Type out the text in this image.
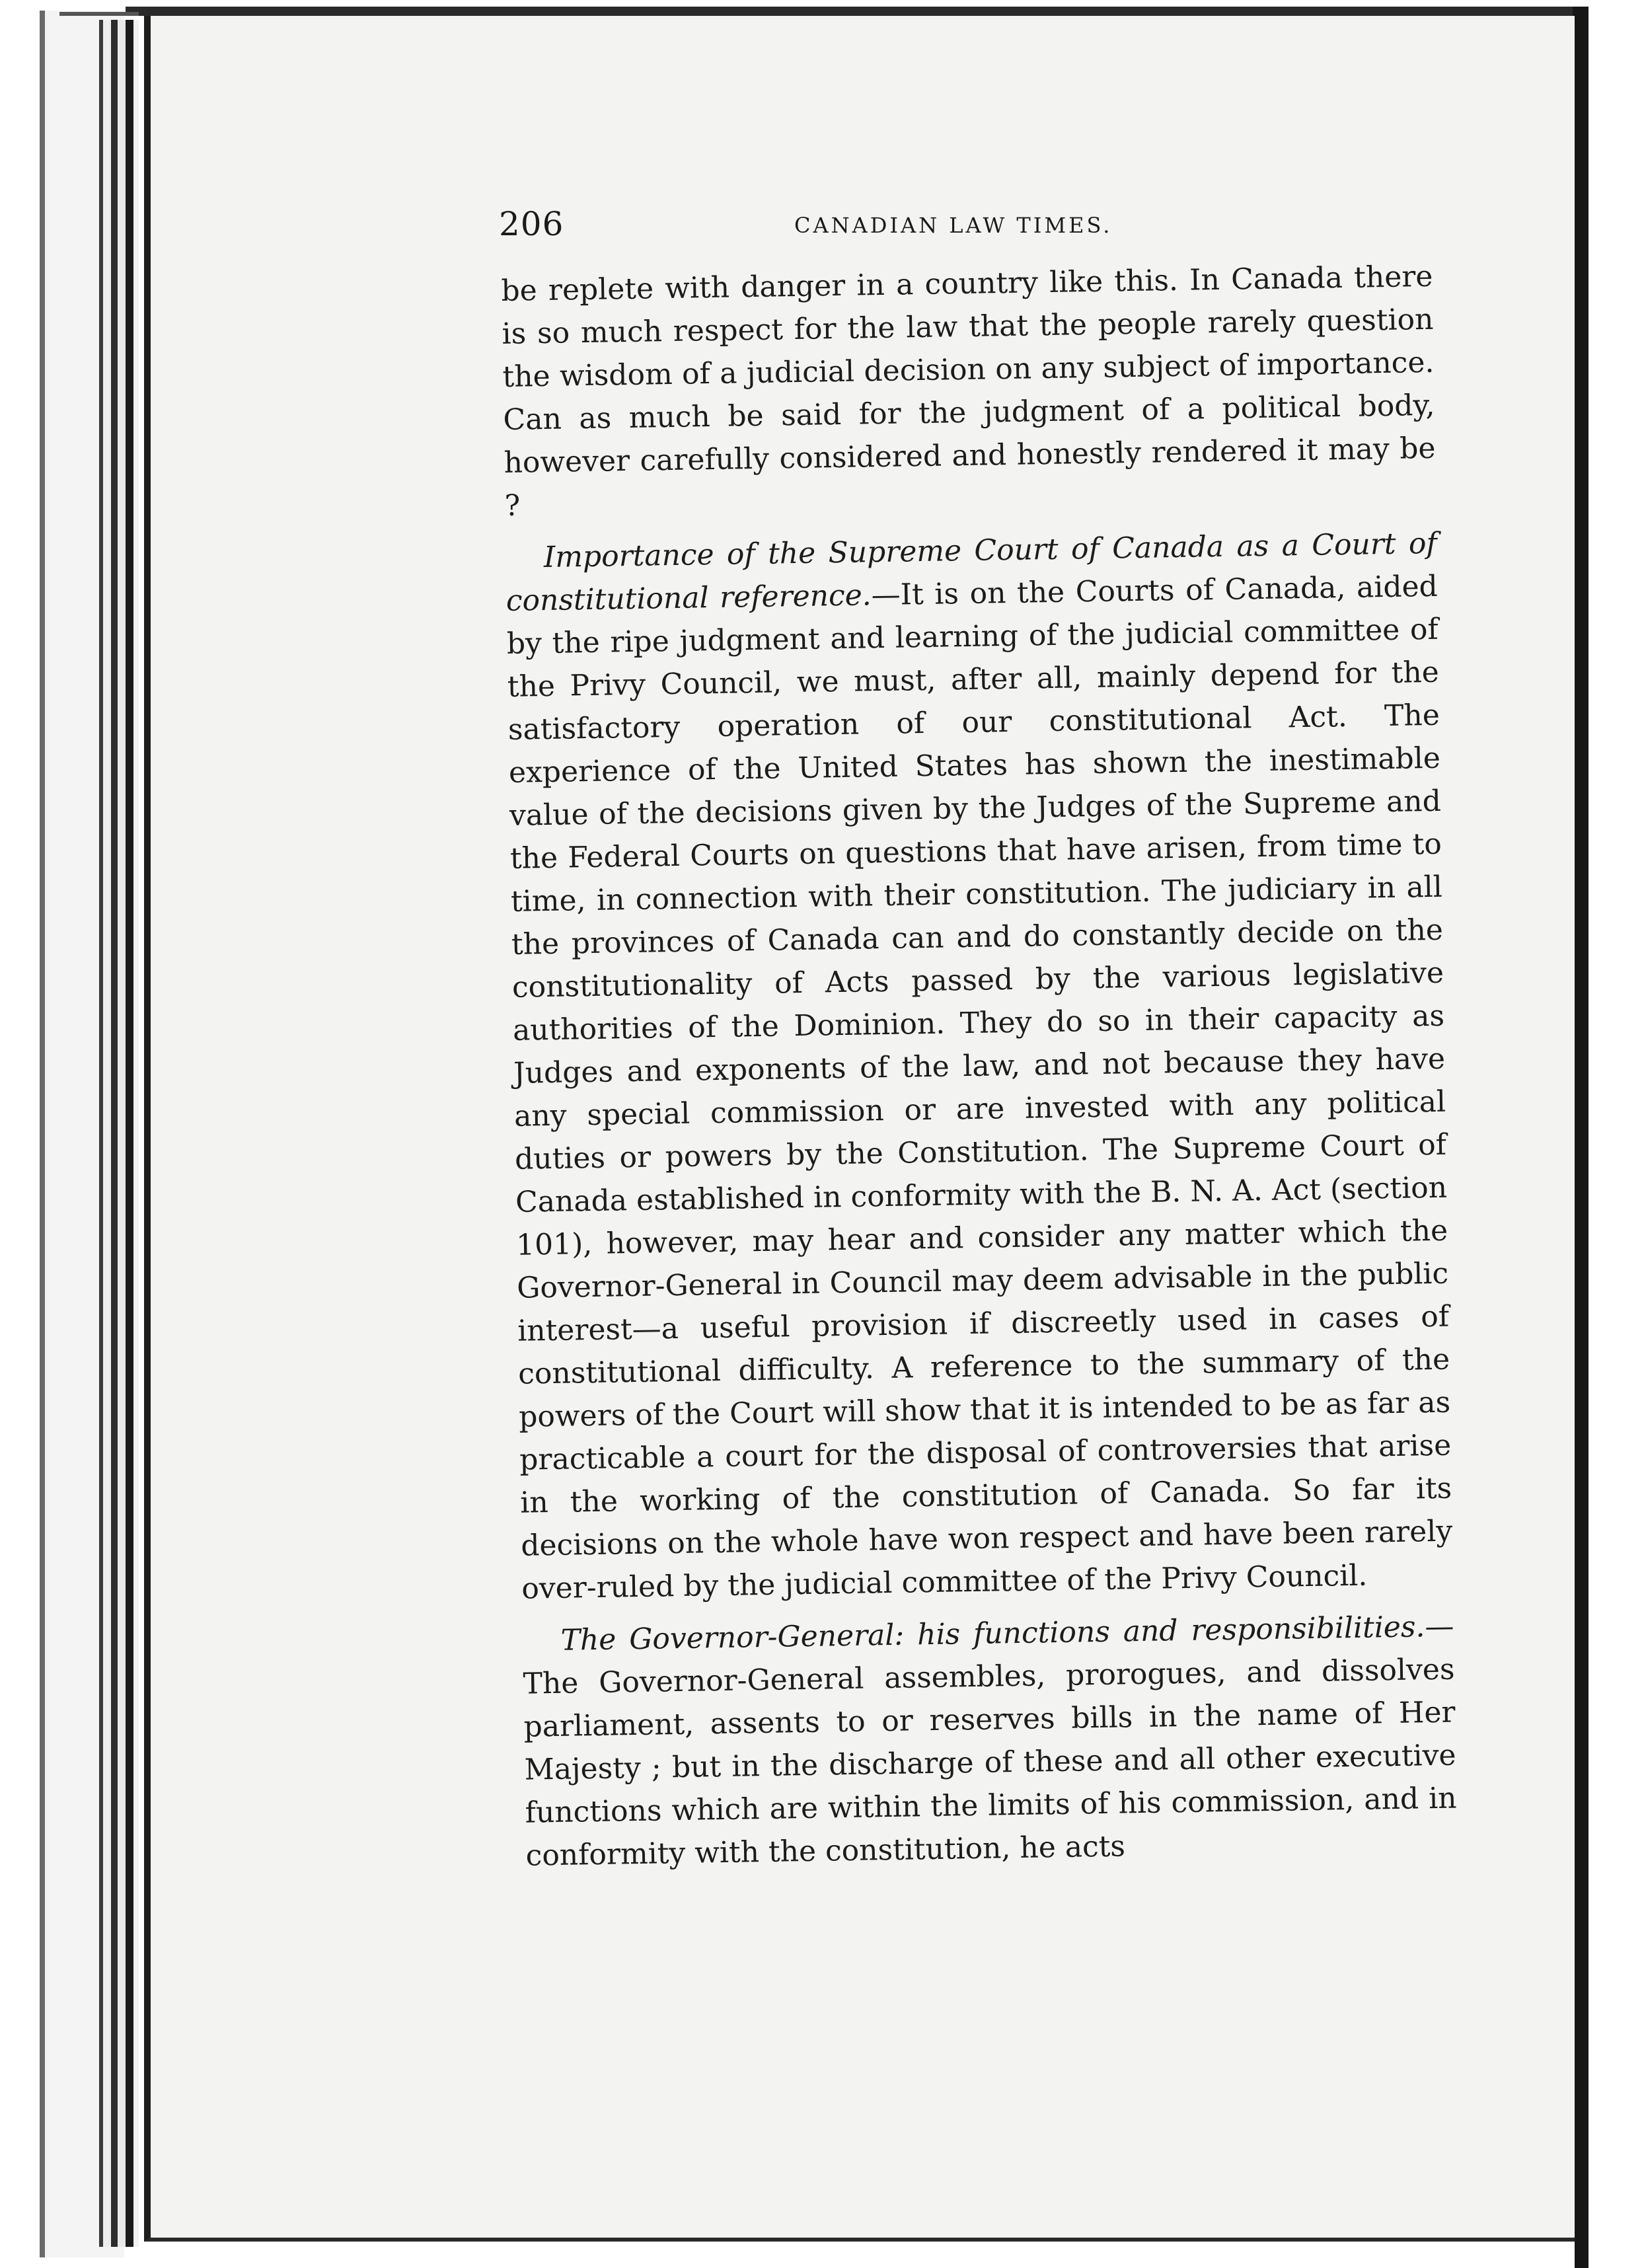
206	CANADIAN LAW TIMES.

be replete with danger in a country like this. In Canada there is so much respect for the law that the people rarely question the wisdom of a judicial decision on any subject of importance. Can as much be said for the judgment of a political body, however carefully considered and honestly rendered it may be ?

Importance of the Supreme Court of Canada as a Court of constitutional reference.—It is on the Courts of Canada, aided by the ripe judgment and learning of the judicial committee of the Privy Council, we must, after all, mainly depend for the satisfactory operation of our constitutional Act. The experience of the United States has shown the inestimable value of the decisions given by the Judges of the Supreme and the Federal Courts on questions that have arisen, from time to time, in connection with their constitution. The judiciary in all the provinces of Canada can and do constantly decide on the constitutionality of Acts passed by the various legislative authorities of the Dominion. They do so in their capacity as Judges and exponents of the law, and not because they have any special commission or are invested with any political duties or powers by the Constitution. The Supreme Court of Canada established in conformity with the B. N. A. Act (section 101), however, may hear and consider any matter which the Governor-General in Council may deem advisable in the public interest—a useful provision if discreetly used in cases of constitutional difficulty. A reference to the summary of the powers of the Court will show that it is intended to be as far as practicable a court for the disposal of controversies that arise in the working of the constitution of Canada. So far its decisions on the whole have won respect and have been rarely over-ruled by the judicial committee of the Privy Council.

The Governor-General: his functions and responsibilities.—The Governor-General assembles, prorogues, and dissolves parliament, assents to or reserves bills in the name of Her Majesty ; but in the discharge of these and all other executive functions which are within the limits of his commission, and in conformity with the constitution, he acts
